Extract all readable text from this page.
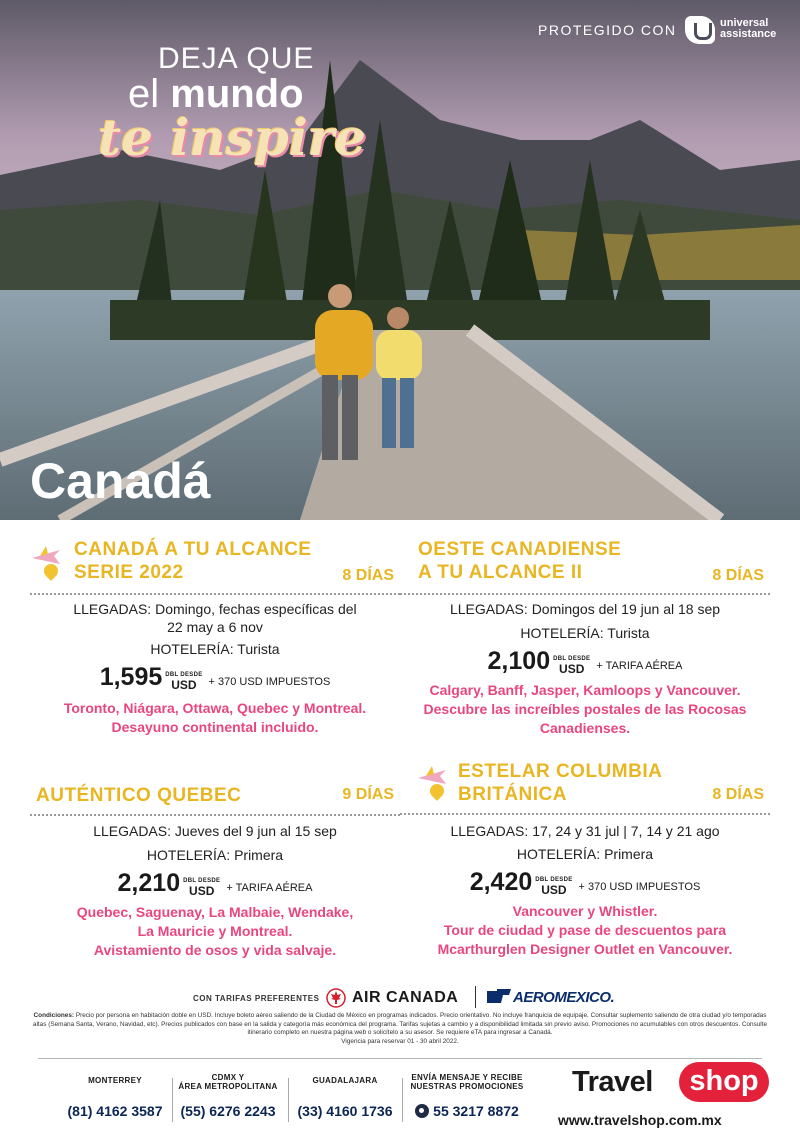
PROTEGIDO CON	universal
assistance
DEJA QUE
el mundo
te inspire
Canadá
CANADÁ A TU ALCANCE
SERIE 2022	8 DÍAS
LLEGADAS: Domingo, fechas específicas del
22 may a 6 nov
HOTELERÍA: Turista
1,595 DBL DESDE
USD	+ 370 USD IMPUESTOS
Toronto, Niágara, Ottawa, Quebec y Montreal.
Desayuno continental incluido.
OESTE CANADIENSE
A TU ALCANCE II	8 DÍAS
LLEGADAS: Domingos del 19 jun al 18 sep
HOTELERÍA: Turista
2,100 DBL DESDE
USD	+ TARIFA AÉREA
Calgary, Banff, Jasper, Kamloops y Vancouver.
Descubre las increíbles postales de las Rocosas
Canadienses.
AUTÉNTICO QUEBEC	9 DÍAS
LLEGADAS: Jueves del 9 jun al 15 sep
HOTELERÍA: Primera
2,210 DBL DESDE
USD	+ TARIFA AÉREA
Quebec, Saguenay, La Malbaie, Wendake,
La Mauricie y Montreal.
Avistamiento de osos y vida salvaje.
ESTELAR COLUMBIA
BRITÁNICA	8 DÍAS
LLEGADAS: 17, 24 y 31 jul | 7, 14 y 21 ago
HOTELERÍA: Primera
2,420 DBL DESDE
USD	+ 370 USD IMPUESTOS
Vancouver y Whistler.
Tour de ciudad y pase de descuentos para
Mcarthurglen Designer Outlet en Vancouver.
CON TARIFAS PREFERENTES AIR CANADA	AEROMEXICO.
Condiciones: Precio por persona en habitación doble en USD. Incluye boleto aéreo saliendo de la Ciudad de México en programas indicados. Precio orientativo. No incluye franquicia de equipaje. Consultar suplemento saliendo de otra ciudad y/o temporadas altas (Semana Santa, Verano, Navidad, etc). Precios publicados con base en la salida y categoría más económica del programa. Tarifas sujetas a cambio y a disponibilidad limitada sin previo aviso. Promociones no acumulables con otros descuentos. Consulte itinerario completo en nuestra página web o solicítelo a su asesor. Se requiere eTA para ingresar a Canadá.
Vigencia para reservar 01 - 30 abril 2022.
MONTERREY
(81) 4162 3587
CDMX Y
ÁREA METROPOLITANA
(55) 6276 2243
GUADALAJARA
(33) 4160 1736
ENVÍA MENSAJE Y RECIBE
NUESTRAS PROMOCIONES
55 3217 8872
Travel	shop
www.travelshop.com.mx
